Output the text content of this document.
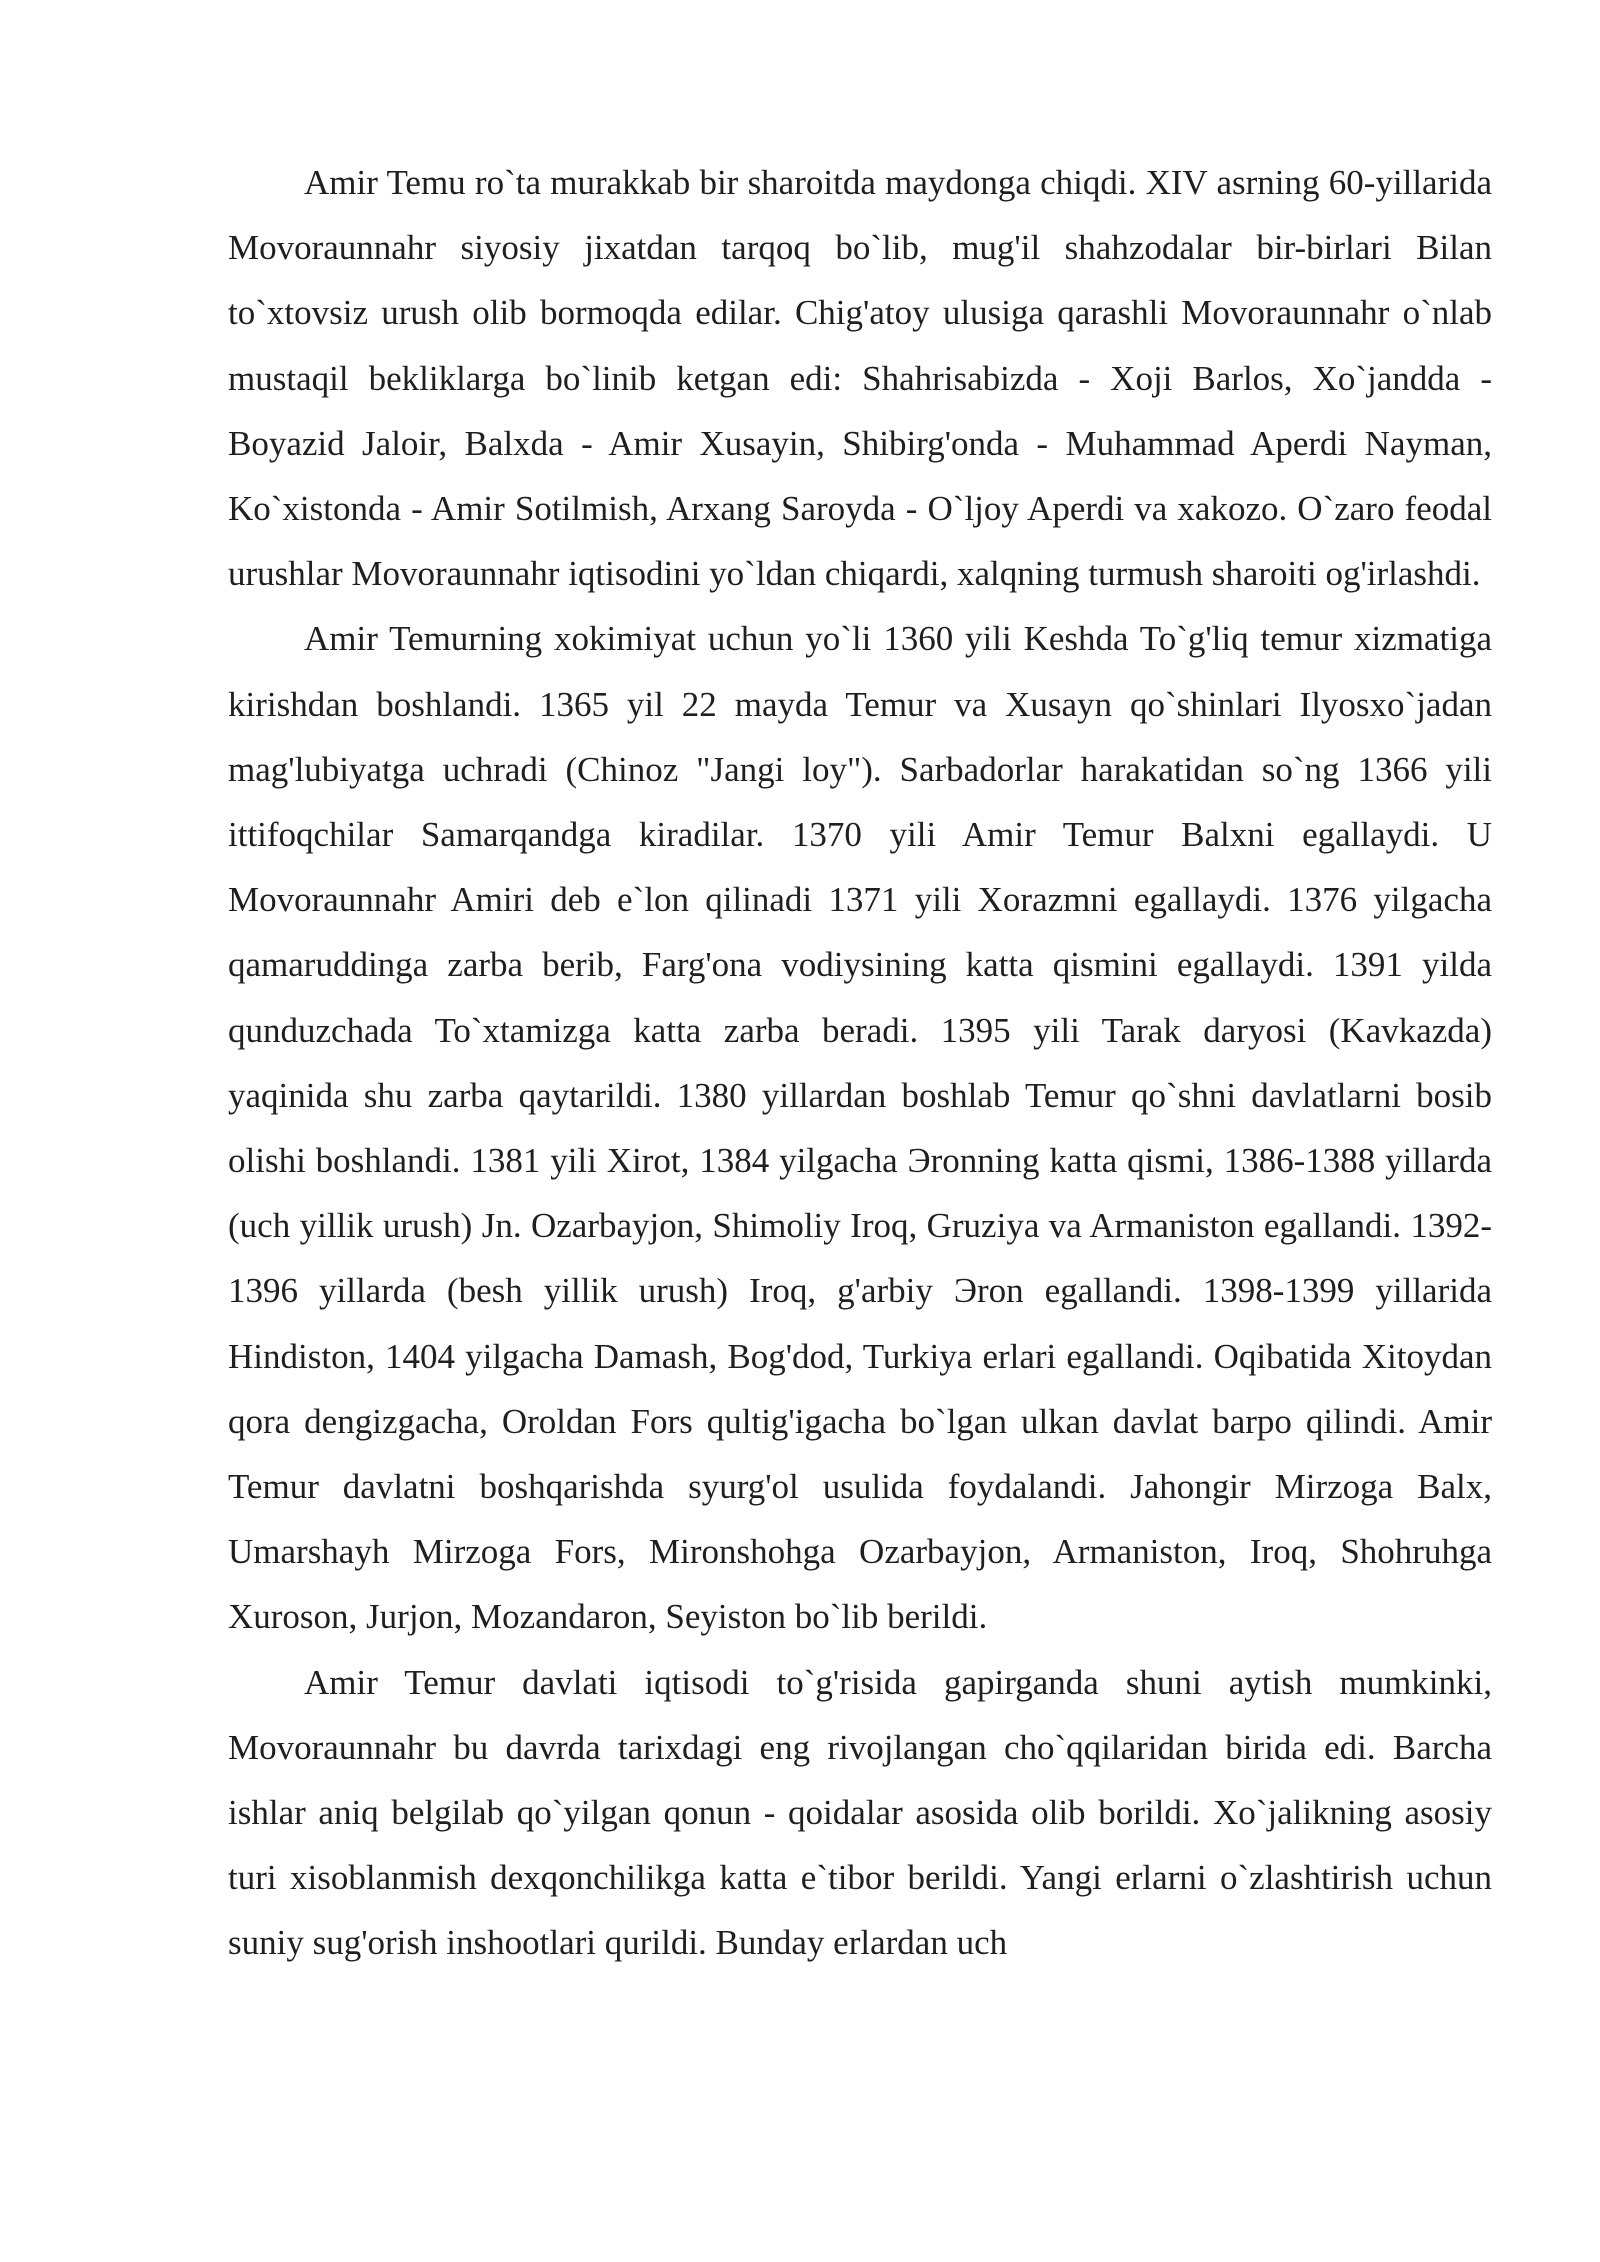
Amir Temu ro`ta murakkab bir sharoitda maydonga chiqdi. XIV asrning 60-yillarida Movoraunnahr siyosiy jixatdan tarqoq bo`lib, mug'il shahzodalar bir-birlari Bilan to`xtovsiz urush olib bormoqda edilar. Chig'atoy ulusiga qarashli Movoraunnahr o`nlab mustaqil bekliklarga bo`linib ketgan edi: Shahrisabizda - Xoji Barlos, Xo`jandda - Boyazid Jaloir, Balxda - Amir Xusayin, Shibirg'onda - Muhammad Aperdi Nayman, Ko`xistonda - Amir Sotilmish, Arxang Saroyda - O`ljoy Aperdi va xakozo. O`zaro feodal urushlar Movoraunnahr iqtisodini yo`ldan chiqardi, xalqning turmush sharoiti og'irlashdi.

Amir Temurning xokimiyat uchun yo`li 1360 yili Keshda To`g'liq temur xizmatiga kirishdan boshlandi. 1365 yil 22 mayda Temur va Xusayn qo`shinlari Ilyosxo`jadan mag'lubiyatga uchradi (Chinoz "Jangi loy"). Sarbadorlar harakatidan so`ng 1366 yili ittifoqchilar Samarqandga kiradilar. 1370 yili Amir Temur Balxni egallaydi. U Movoraunnahr Amiri deb e`lon qilinadi 1371 yili Xorazmni egallaydi. 1376 yilgacha qamaruddinga zarba berib, Farg'ona vodiysining katta qismini egallaydi. 1391 yilda qunduzchada To`xtamizga katta zarba beradi. 1395 yili Tarak daryosi (Kavkazda) yaqinida shu zarba qaytarildi. 1380 yillardan boshlab Temur qo`shni davlatlarni bosib olishi boshlandi. 1381 yili Xirot, 1384 yilgacha Эronning katta qismi, 1386-1388 yillarda (uch yillik urush) Jn. Ozarbayjon, Shimoliy Iroq, Gruziya va Armaniston egallandi. 1392-1396 yillarda (besh yillik urush) Iroq, g'arbiy Эron egallandi. 1398-1399 yillarida Hindiston, 1404 yilgacha Damash, Bog'dod, Turkiya erlari egallandi. Oqibatida Xitoydan qora dengizgacha, Oroldan Fors qultig'igacha bo`lgan ulkan davlat barpo qilindi. Amir Temur davlatni boshqarishda syurg'ol usulida foydalandi. Jahongir Mirzoga Balx, Umarshayh Mirzoga Fors, Mironshohga Ozarbayjon, Armaniston, Iroq, Shohruhga Xuroson, Jurjon, Mozandaron, Seyiston bo`lib berildi.

Amir Temur davlati iqtisodi to`g'risida gapirganda shuni aytish mumkinki, Movoraunnahr bu davrda tarixdagi eng rivojlangan cho`qqilaridan birida edi. Barcha ishlar aniq belgilab qo`yilgan qonun - qoidalar asosida olib borildi. Xo`jalikning asosiy turi xisoblanmish dexqonchilikga katta e`tibor berildi. Yangi erlarni o`zlashtirish uchun suniy sug'orish inshootlari qurildi. Bunday erlardan uch
